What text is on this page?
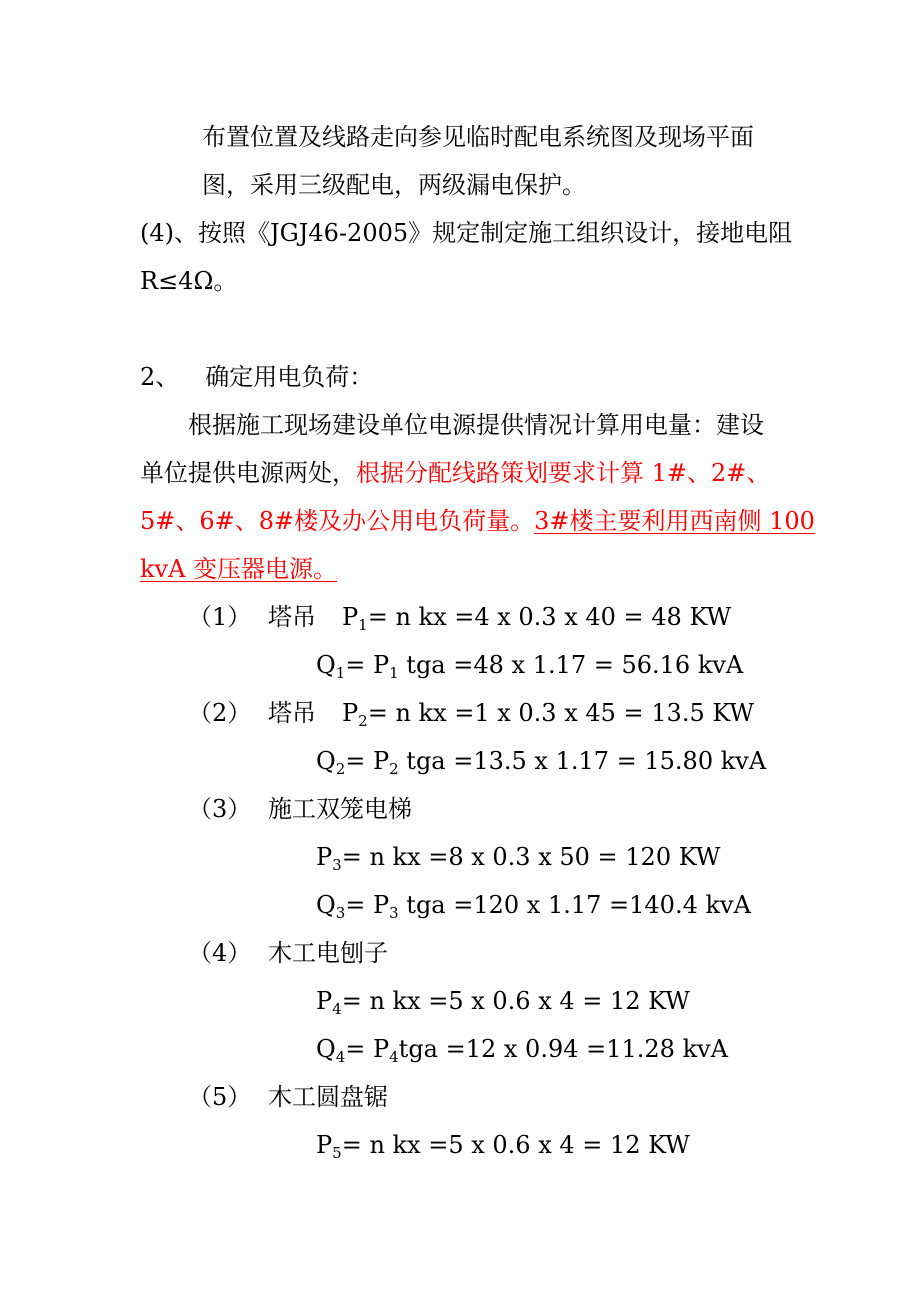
布置位置及线路走向参见临时配电系统图及现场平面
图，采用三级配电，两级漏电保护。
(4)、按照《JGJ46-2005》规定制定施工组织设计，接地电阻
R≤4Ω。
2、 确定用电负荷：
根据施工现场建设单位电源提供情况计算用电量：建设
单位提供电源两处，根据分配线路策划要求计算 1#、2#、
5#、6#、8#楼及办公用电负荷量。3#楼主要利用西南侧 100
kvA 变压器电源。
（1） 塔吊 $P_1= n$ kx =4 x 0.3 x 40 = 48 KW
$Q_1= P_1$ tga =48 x 1.17 = 56.16 kvA
（2） 塔吊 $P_2= n$ kx =1 x 0.3 x 45 = 13.5 KW
$Q_2= P_2$ tga =13.5 x 1.17 = 15.80 kvA
（3） 施工双笼电梯
$P_3= n$ kx =8 x 0.3 x 50 = 120 KW
$Q_3= P_3$ tga =120 x 1.17 =140.4 kvA
（4） 木工电刨子
$P_4= n$ kx =5 x 0.6 x 4 = 12 KW
$Q_4= P_4tga =12$ x 0.94 =11.28 kvA
（5） 木工圆盘锯
$P_5= n$ kx =5 x 0.6 x 4 = 12 KW
